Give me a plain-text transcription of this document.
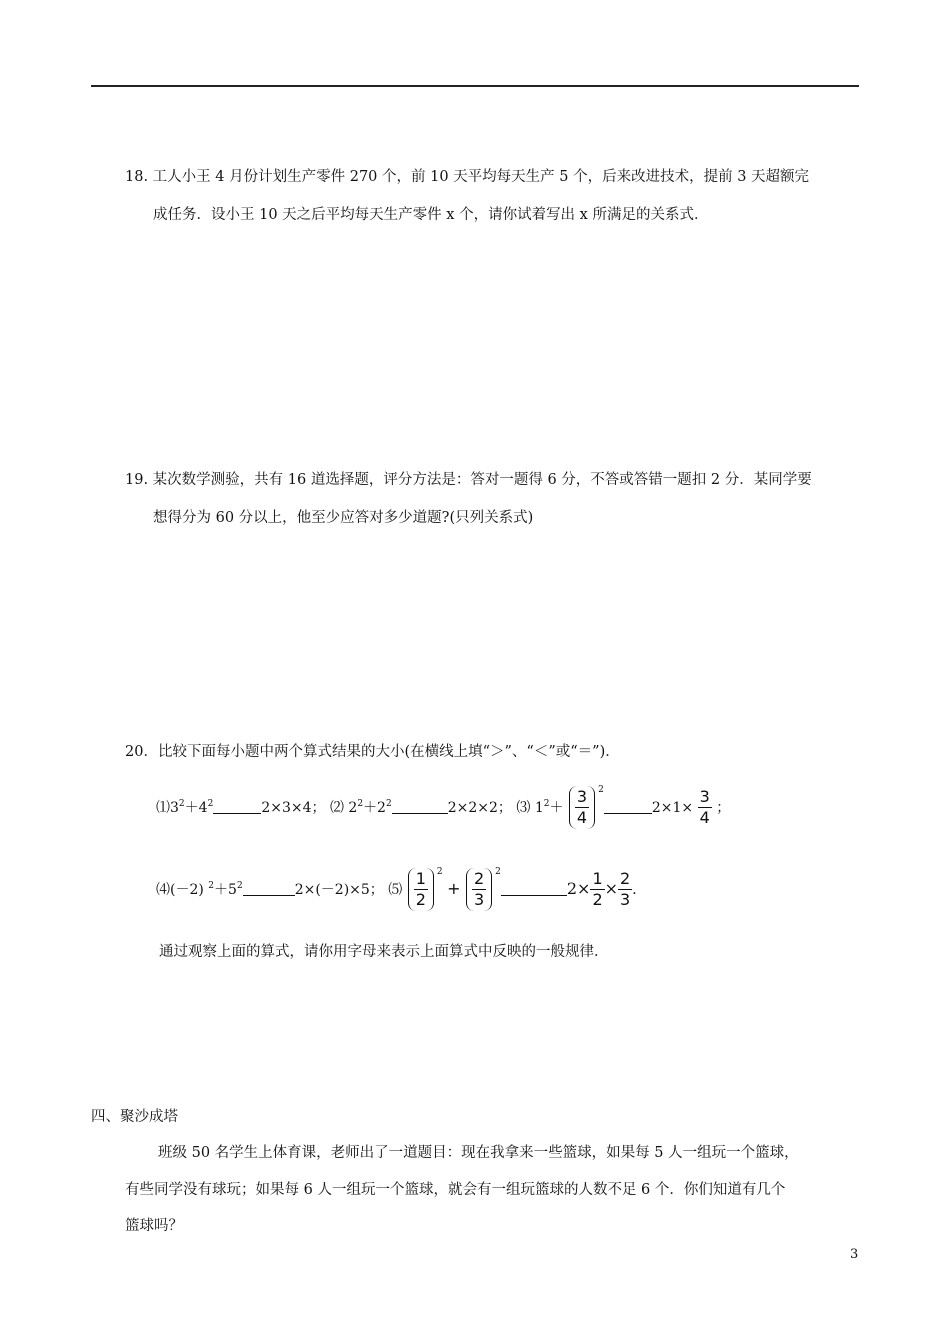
18. 工人小王 4 月份计划生产零件 270 个，前 10 天平均每天生产 5 个，后来改进技术，提前 3 天超额完
成任务．设小王 10 天之后平均每天生产零件 x 个，请你试着写出 x 所满足的关系式．
19. 某次数学测验，共有 16 道选择题，评分方法是：答对一题得 6 分，不答或答错一题扣 2 分．某同学要
想得分为 60 分以上，他至少应答对多少道题?(只列关系式)
20．比较下面每小题中两个算式结果的大小(在横线上填“＞”、“＜”或“＝”)．
$⑴3^2+4^2$	2×3×4； ⑵ $2^2+2^2$	2×2×2； ⑶ $1^2+ \frac{3}{4} ^22\times 1\times \frac{3}{4}$ ；
⑷(－2) $^2+5^2$	2×(－2)×5； ⑸ $\frac{1}{2} ^2 + \frac{2}{3} ^22\times \frac{1}{2} \times \frac{2}{3}$ ．
通过观察上面的算式，请你用字母来表示上面算式中反映的一般规律．
四、聚沙成塔
班级 50 名学生上体育课，老师出了一道题目：现在我拿来一些篮球，如果每 5 人一组玩一个篮球，
有些同学没有球玩；如果每 6 人一组玩一个篮球，就会有一组玩篮球的人数不足 6 个．你们知道有几个
篮球吗？
3
